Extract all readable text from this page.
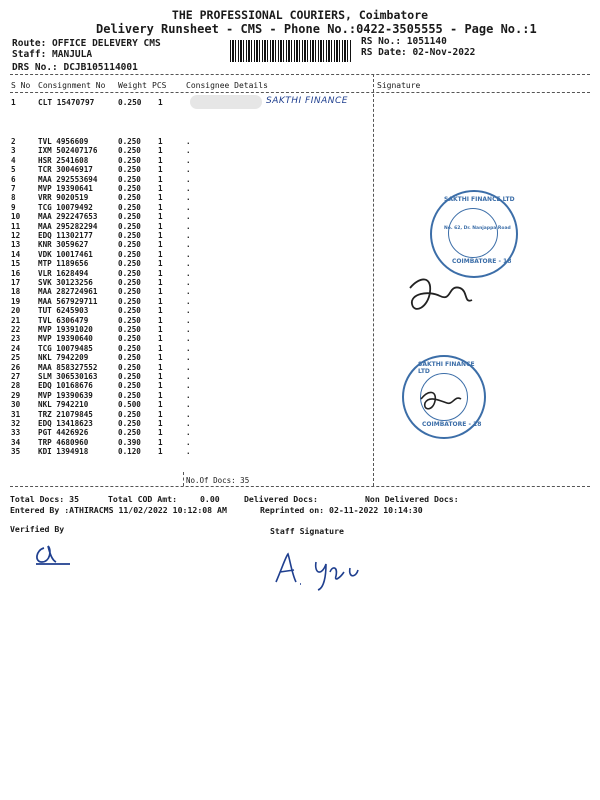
THE PROFESSIONAL COURIERS, Coimbatore
Delivery Runsheet - CMS - Phone No.:0422-3505555 - Page No.:1
Route: OFFICE DELEVERY CMS
Staff: MANJULA
DRS No.: DCJB105114001
RS No.: 1051140
RS Date: 02-Nov-2022
S No Consignment No Weight PCS Consignee Details	Signature
1	CLT 15470797	0.250 1	SAKTHI FINANCE
2	TVL 4956609	0.250 1	.
3	IXM 502407176	0.250 1	.
4	HSR 2541608	0.250 1	.
5	TCR 30046917	0.250 1	.
6	MAA 292553694	0.250 1	.
7	MVP 19390641	0.250 1	.
8	VRR 9020519	0.250 1	.
9	TCG 10079492	0.250 1	.
10 MAA 292247653	0.250 1	.
11 MAA 295282294	0.250 1	.
12 EDQ 11302177	0.250 1	.
13 KNR 3059627	0.250 1	.
14 VDK 10017461	0.250 1	.
15 MTP 1189656	0.250 1	.
16 VLR 1628494	0.250 1	.
17 SVK 30123256	0.250 1	.
18 MAA 282724961	0.250 1	.
19 MAA 567929711	0.250 1	.
20 TUT 6245903	0.250 1	.
21 TVL 6306479	0.250 1	.
22 MVP 19391020	0.250 1	.
23 MVP 19390640	0.250 1	.
24 TCG 10079485	0.250 1	.
25 NKL 7942209	0.250 1	.
26 MAA 858327552	0.250 1	.
27 SLM 306530163	0.250 1	.
28 EDQ 10168676	0.250 1	.
29 MVP 19390639	0.250 1	.
30 NKL 7942210	0.500 1	.
31 TRZ 21079845	0.250 1	.
32 EDQ 13418623	0.250 1	.
33 PGT 4426926	0.250 1	.
34 TRP 4680960	0.390 1	.
35 KDI 1394918	0.120 1	.
No.Of Docs: 35
Total Docs: 35	Total COD Amt:	0.00	Delivered Docs:	Non Delivered Docs:
Entered By :ATHIRACMS 11/02/2022 10:12:08 AM	Reprinted on: 02-11-2022 10:14:30
Verified By	Staff Signature
SAKTHI FINANCE LTD
COIMBATORE - 18
No. 62, Dr. Nanjappa Road
SAKTHI FINANCE LTD
COIMBATORE - 18
